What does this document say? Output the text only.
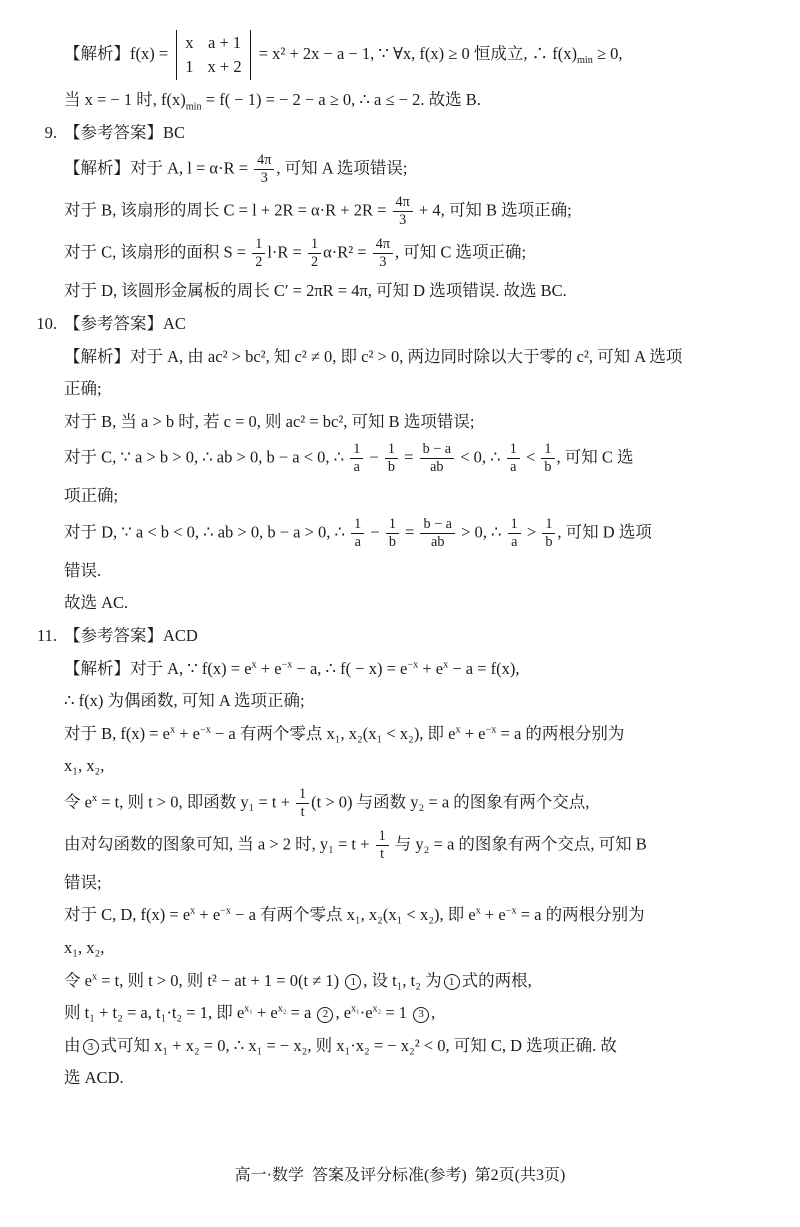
【解析】f(x) =
x a + 1
1 x + 2
= x² + 2x − a − 1, ∵ ∀x, f(x) ≥ 0 恒成立, ∴ $f(x)_{min} \ge 0$,
当 x = − 1 时, $f(x)_{min} = f( - 1)$ = − 2 − a ≥ 0, ∴ a ≤ − 2. 故选 B.
9. 【参考答案】BC
【解析】对于 A, $l = \alpha\cdot R = \frac{4\pi}{3}$ , 可知 A 选项错误;
对于 B, 该扇形的周长 $C = l + 2R = \alpha\cdot R + 2R = \frac{4\pi}{3} + 4$, 可知 B 选项正确;
对于 C, 该扇形的面积 $S = \frac{1}{2} l\cdot R = \frac{1}{2} \alpha\cdot R^2 = \frac{4\pi}{3}$ , 可知 C 选项正确;
对于 D, 该圆形金属板的周长 C′ = 2πR = 4π, 可知 D 选项错误. 故选 BC.
10. 【参考答案】AC
【解析】对于 A, 由 ac² > bc², 知 c² ≠ 0, 即 c² > 0, 两边同时除以大于零的 c², 可知 A 选项
正确;
对于 B, 当 a > b 时, 若 c = 0, 则 ac² = bc², 可知 B 选项错误;
对于 C, ∵ a > b > 0, ∴ ab > 0, b − a < 0, ∴ $\frac{1}{a} - \frac{1}{b} = \frac{b - a}{ab} < 0$, ∴ $\frac{1}{a} < \frac{1}{b}$ , 可知 C 选
项正确;
对于 D, ∵ a < b < 0, ∴ ab > 0, b − a > 0, ∴ $\frac{1}{a} - \frac{1}{b} = \frac{b - a}{ab} > 0$, ∴ $\frac{1}{a} > \frac{1}{b}$ , 可知 D 选项
错误.
故选 AC.
11. 【参考答案】ACD
【解析】对于 A, ∵ $f(x) = e^x + e^{-x} - a$, ∴ $f( - x) = e^{-x} + e^x - a = f(x)$,
∴ f(x) 为偶函数, 可知 A 选项正确;
对于 B, $f(x) = e^x + e^{-x} - a$ 有两个零点 x₁, x₂(x₁ < x₂), 即 $e^x + e^{-x} = a$ 的两根分别为
x₁, x₂,
令 $e^x = t$, 则 t > 0, 即函数 $y_1 = t + \frac{1}{t} (t > 0)$ 与函数 y₂ = a 的图象有两个交点,
由对勾函数的图象可知, 当 a > 2 时, $y_1 = t + \frac{1}{t}$ 与 y₂ = a 的图象有两个交点, 可知 B
错误;
对于 C, D, $f(x) = e^x + e^{-x} - a$ 有两个零点 x₁, x₂(x₁ < x₂), 即 $e^x + e^{-x} = a$ 的两根分别为
x₁, x₂,
令 $e^x = t$, 则 t > 0, 则 t² − at + 1 = 0(t ≠ 1) 1 , 设 t₁, t₂ 为 1 式的两根,
则 t₁ + t₂ = a, t₁·t₂ = 1, 即 $e^{x_1} + e^{x_2} = a$ 2 , $e^{x_1}\cdot e^{x_2} = 1$ 3 ,
由 3 式可知 x₁ + x₂ = 0, ∴ x₁ = − x₂, 则 x₁·x₂ = − x₂² < 0, 可知 C, D 选项正确. 故
选 ACD.
高一·数学  答案及评分标准(参考)  第2页(共3页)
